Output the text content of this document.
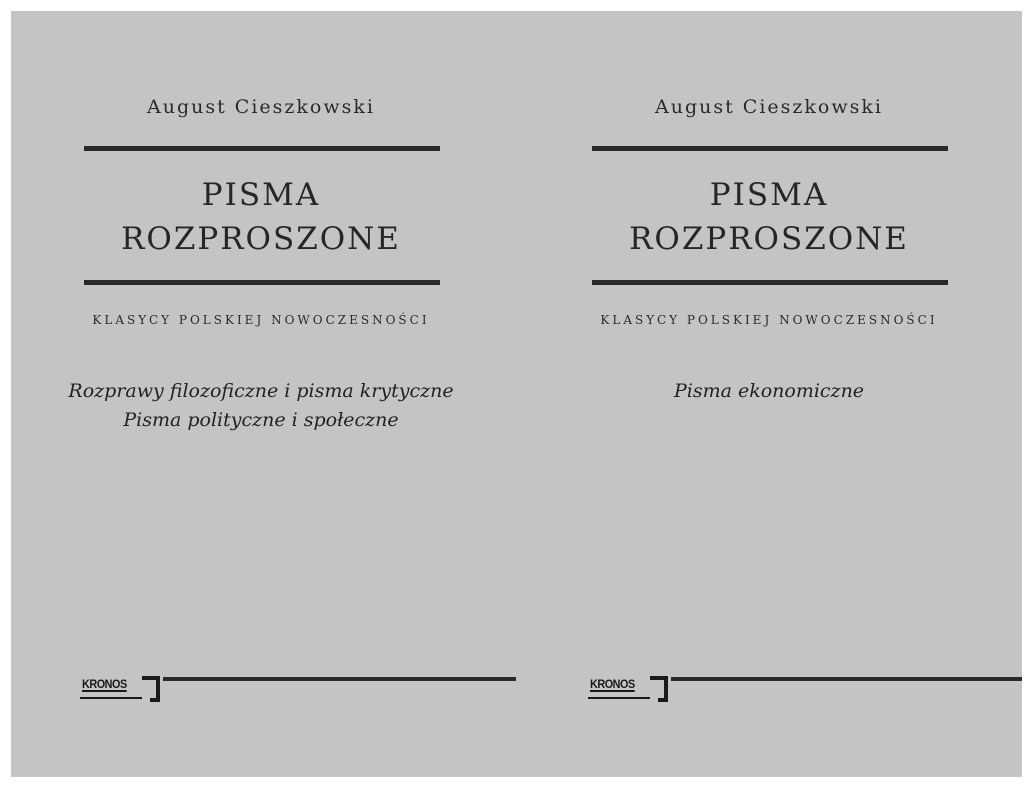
August Cieszkowski
PISMA
ROZPROSZONE
KLASYCY POLSKIEJ NOWOCZESNOŚCI
Rozprawy filozoficzne i pisma krytyczne
Pisma polityczne i społeczne
KRONOS
August Cieszkowski
PISMA
ROZPROSZONE
KLASYCY POLSKIEJ NOWOCZESNOŚCI
Pisma ekonomiczne
KRONOS
